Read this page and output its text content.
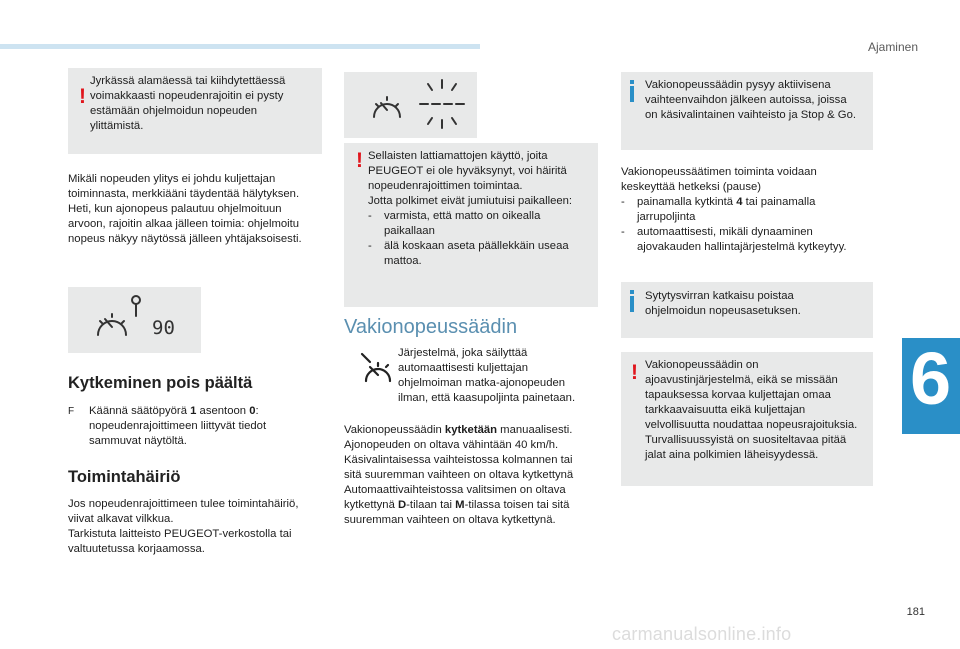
Ajaminen
6
!

Jyrkässä alamäessä tai kiihdytettäessä

voimakkaasti nopeudenrajoitin ei pysty

estämään ohjelmoidun nopeuden

ylittämistä.

Mikäli nopeuden ylitys ei johdu kuljettajan

toiminnasta, merkkiääni täydentää hälytyksen.

Heti, kun ajonopeus palautuu ohjelmoituun

arvoon, rajoitin alkaa jälleen toimia: ohjelmoitu

nopeus näkyy näytössä jälleen yhtäjaksoisesti.

90
Kytkeminen pois päältä
F Käännä säätöpyörä 1 asentoon 0:

nopeudenrajoittimeen liittyvät tiedot

sammuvat näytöltä.

Toimintahäiriö

Jos nopeudenrajoittimeen tulee toimintahäiriö,

viivat alkavat vilkkua.

Tarkistuta laitteisto PEUGEOT-verkostolla tai

valtuutetussa korjaamossa.

! Sellaisten lattiamattojen käyttö, joita

PEUGEOT ei ole hyväksynyt, voi häiritä

nopeudenrajoittimen toimintaa.

Jotta polkimet eivät jumiutuisi paikalleen:

- varmista, että matto on oikealla

paikallaan

- älä koskaan aseta päällekkäin useaa

mattoa.

Vakionopeussäädin

Järjestelmä, joka säilyttää

automaattisesti kuljettajan

ohjelmoiman matka-ajonopeuden

ilman, että kaasupoljinta painetaan.

Vakionopeussäädin kytketään manuaalisesti.

Ajonopeuden on oltava vähintään 40 km/h.

Käsivalintaisessa vaihteistossa kolmannen tai

sitä suuremman vaihteen on oltava kytkettynä

Automaattivaihteistossa valitsimen on oltava

kytkettynä D-tilaan tai M-tilassa toisen tai sitä

suuremman vaihteen on oltava kytkettynä.

Vakionopeussäädin pysyy aktiivisena

vaihteenvaihdon jälkeen autoissa, joissa

on käsivalintainen vaihteisto ja Stop & Go.

Vakionopeussäätimen toiminta voidaan

keskeyttää hetkeksi (pause)

- painamalla kytkintä 4 tai painamalla

jarrupoljinta

- automaattisesti, mikäli dynaaminen

ajovakauden hallintajärjestelmä kytkeytyy.

Sytytysvirran katkaisu poistaa

ohjelmoidun nopeusasetuksen.

! Vakionopeussäädin on

ajoavustinjärjestelmä, eikä se missään

tapauksessa korvaa kuljettajan omaa

tarkkaavaisuutta eikä kuljettajan

velvollisuutta noudattaa nopeusrajoituksia.

Turvallisuussyistä on suositeltavaa pitää

jalat aina polkimien läheisyydessä.

181
carmanualsonline.info
